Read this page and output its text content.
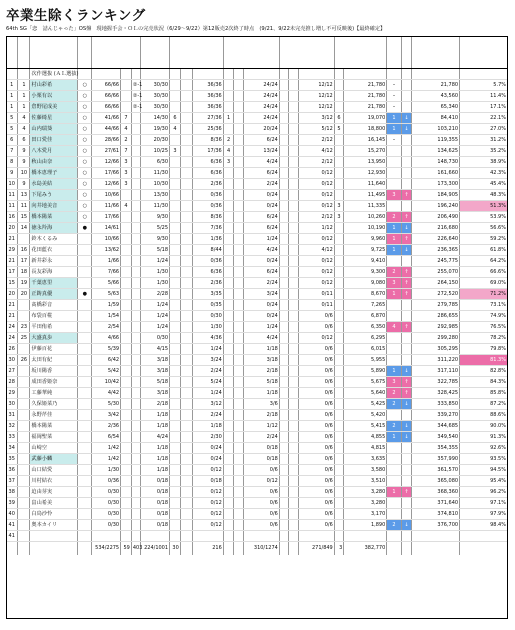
卒業生除くランキング
64th SG「恋　詰んじゃった」OS盤　現地握手会・ＯＬの完売状況（6/29〜9/22）第12販売2次終了時点　(9/21、9/22未完売推し増し不可反映後)【最終確定】

		次作選抜 (ＡＬ選抜)																				
1	1	村山彩希	○	66/66		②-1	30/30			36/36			24/24			12/12		21,780	–		21,780	5.7%
1	1	小栗有以	○	66/66		②-1	30/30			36/36			24/24			12/12		21,780	–		43,560	11.4%
1	1	倉野尾成美	○	66/66		②-1	30/30			36/36			24/24			12/12		21,780	–		65,340	17.1%
5	4	佐藤綺星	○	41/66	7		14/30	6		27/36	1		24/24			3/12	6	19,070	1	↓	84,410	22.1%
5	4	山内瑞葵	○	44/66	4		19/30	4		25/36			20/24			5/12	5	18,800	1	↓	103,210	27.0%
6	6	田口愛佳	○	28/66	2		20/30			8/36	2		6/24			2/12		16,145	–		119,355	31.2%
7	9	八木愛月	○	27/61	7		10/25	3		17/36	4		13/24			4/12		15,270			134,625	35.2%
8	9	秋山由奈	○	12/66	3		6/30			6/36	3		4/24			2/12		13,950			148,730	38.9%
9	10	橋本恵理子	○	17/66	3		11/30			6/36			6/24			0/12		12,930			161,660	42.3%
10	9	水島美結	○	12/66	3		10/30			2/36			2/24			0/12		11,640			173,300	45.4%
11	13	下尾みう	○	10/66			13/30			0/36			0/24			0/12		11,495	3	↑	184,905	48.3%
11	11	向井地美音	○	11/66	4		11/30			0/36			0/24			0/12	3	11,335			196,240	51.3%
16	15	橋本陽菜	○	17/66			9/30			8/36			6/24			2/12	3	10,260	2	↑	206,490	53.9%
20	14	徳永羚海	●	14/61			5/25			7/36			6/24			1/12		10,190	1	↓	216,680	56.6%
21		鈴木くるみ		10/66			9/30			1/36			1/24			0/12		9,960	1	↑	226,640	59.2%
29	16	花田藍衣		13/62			5/18			8/44			4/24			4/12		9,725	1	↓	236,365	61.8%
21	17	新井彩永		1/66			1/24			0/36			0/24			0/12		9,410			245,775	64.2%
17	18	長友彩海		7/66			1/30			6/36			6/24			0/12		9,300	2	↑	255,070	66.6%
15	19	千葉恵里		5/66			1/30			2/36			2/24			0/12		9,080	3	↑	264,150	69.0%
20	20	正鋳真優	●	5/63			2/28			3/35			3/24			0/11		8,670	1	↑	272,520	71.2%
21		髙橋彩音		1/59			1/24			0/35			0/24			0/11		7,265			279,785	73.1%
21		布袋百椛		1/54			1/24			0/30			0/24			0/6		6,870			286,655	74.9%
24	23	平田侑希		2/54			1/24			1/30			1/24			0/6		6,350	4	↑	292,985	76.5%
24	25	大盛真歩		4/66			0/30			4/36			4/24			0/12		6,295			299,280	78.2%
26		伊藤百花		5/39			4/15			1/24			1/18			0/6		6,015			305,295	79.8%
30	26	太田有紀		6/42			3/18			3/24			3/18			0/6		5,955			311,220	81.3%
27		坂川陽香		5/42			3/18			2/24			2/18			0/6		5,890	1	↓	317,110	82.8%
28		成田香姫奈		10/42			5/18			5/24			5/18			0/6		5,675	3	↑	322,785	84.3%
29		工藤華純		4/42			3/18			1/24			1/18			0/6		5,640	2	↑	328,425	85.8%
30		久保姫菜乃		5/30			2/18			3/12			3/6			0/6		5,425	2	↓	333,850	87.2%
31		永野芹佳		3/42			1/18			2/24			2/18			0/6		5,420			339,270	88.6%
32		橋本陽菜		2/36			1/18			1/18			1/12			0/6		5,415	2	↓	344,685	90.0%
33		福岡聖菜		6/54			4/24			2/30			2/24			0/6		4,855	1	↓	349,540	91.3%
34		山崎空		1/42			1/18			0/24			0/18			0/6		4,815			354,355	92.6%
35		武藤小麟		1/42			1/18			0/24			0/18			0/6		3,635			357,990	93.5%
36		山口結愛		1/30			1/18			0/12			0/6			0/6		3,580			361,570	94.5%
37		川村結衣		0/36			0/18			0/18			0/12			0/6		3,510			365,080	95.4%
38		迫由芽実		0/30			0/18			0/12			0/6			0/6		3,280	1	↑	368,360	96.2%
39		畠山希美		0/30			0/18			0/12			0/6			0/6		3,280			371,640	97.1%
40		白鳥沙怜		0/30			0/18			0/12			0/6			0/6		3,170			374,810	97.9%
41		奥本カイリ		0/30			0/18			0/12			0/6			0/6		1,890	2	↓	376,700	98.4%
41																						
				534/2275	59	403	224/1001	30		216			310/1274			271/849	3	382,770				
